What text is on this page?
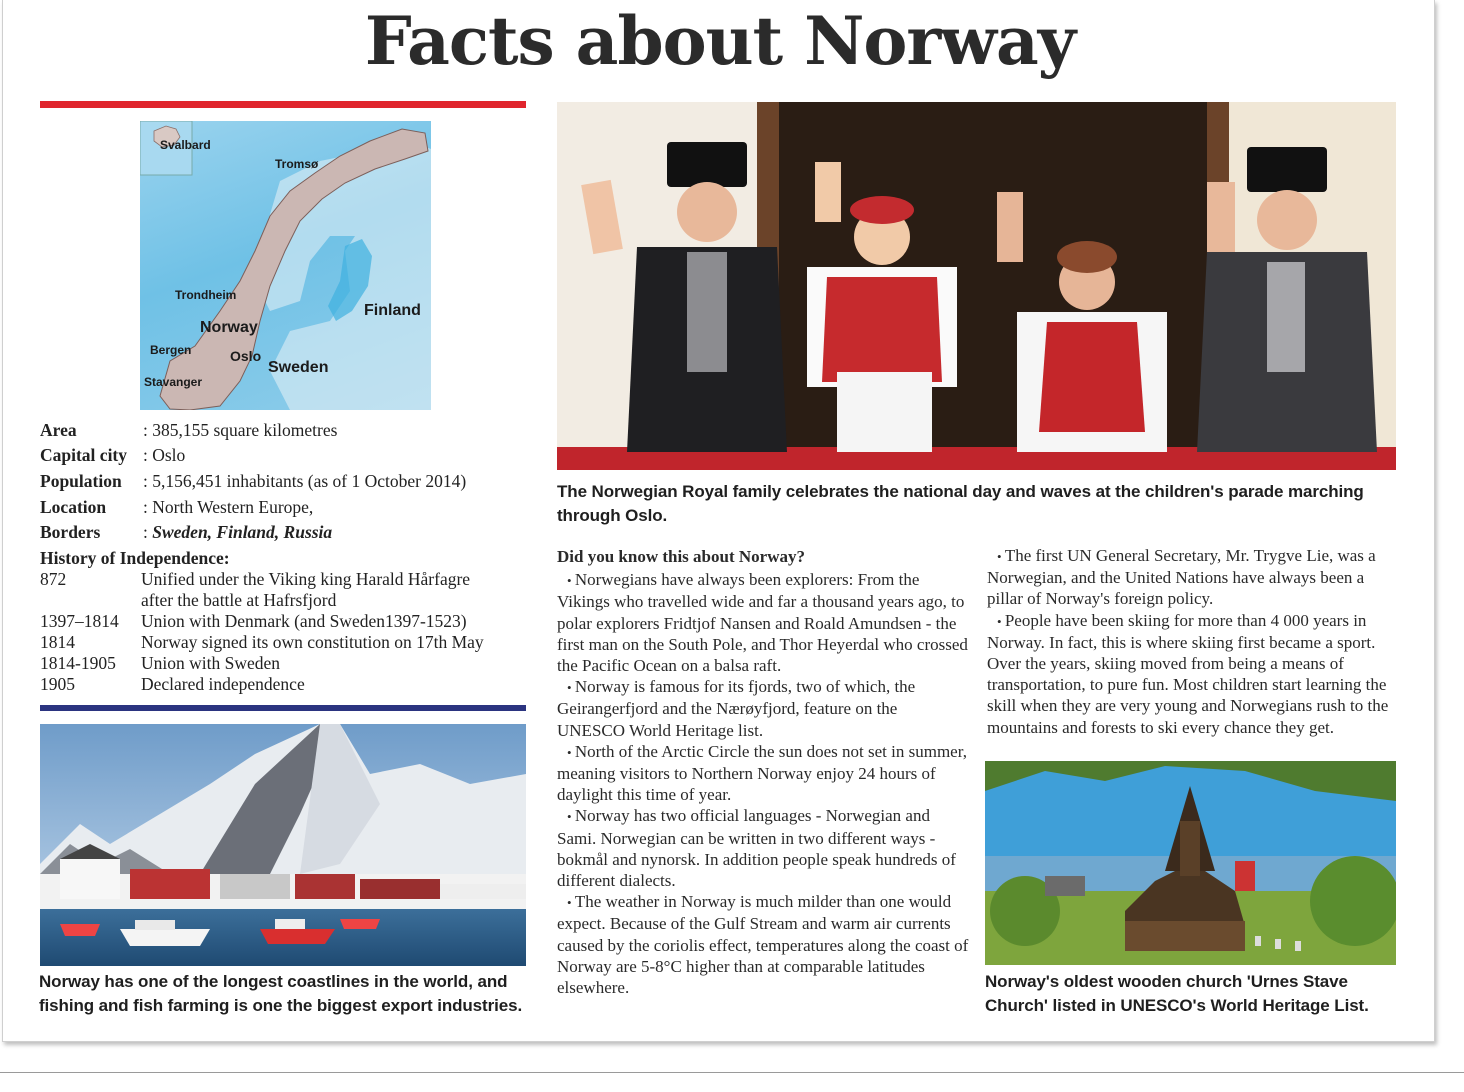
Facts about Norway
Svalbard
Tromsø
Finland
Trondheim
Norway
Bergen	Oslo
Sweden
Stavanger
Area	: 385,155 square kilometres
Capital city : Oslo
Population : 5,156,451 inhabitants (as of 1 October 2014)
Location : North Western Europe,
Borders : Sweden, Finland, Russia
History of Independence:
872	Unified under the Viking king Harald Hårfagre
after the battle at Hafrsfjord
1397–1814 Union with Denmark (and Sweden1397-1523)
1814	Norway signed its own constitution on 17th May
1814-1905 Union with Sweden
1905	Declared independence
Norway has one of the longest coastlines in the world, and fishing and fish farming is one the biggest export industries.
The Norwegian Royal family celebrates the national day and waves at the children's parade marching through Oslo.

Did you know this about Norway?

• Norwegians have always been explorers: From the Vikings who travelled wide and far a thousand years ago, to polar explorers Fridtjof Nansen and Roald Amundsen - the first man on the South Pole, and Thor Heyerdal who crossed the Pacific Ocean on a balsa raft.

• Norway is famous for its fjords, two of which, the Geirangerfjord and the Nærøyfjord, feature on the UNESCO World Heritage list.

• North of the Arctic Circle the sun does not set in summer, meaning visitors to Northern Norway enjoy 24 hours of daylight this time of year.

• Norway has two official languages - Norwegian and Sami. Norwegian can be written in two different ways - bokmål and nynorsk. In addition people speak hundreds of different dialects.

• The weather in Norway is much milder than one would expect. Because of the Gulf Stream and warm air currents caused by the coriolis effect, temperatures along the coast of Norway are 5-8°C higher than at comparable latitudes elsewhere.

• The first UN General Secretary, Mr. Trygve Lie, was a Norwegian, and the United Nations have always been a pillar of Norway's foreign policy.

• People have been skiing for more than 4 000 years in Norway. In fact, this is where skiing first became a sport. Over the years, skiing moved from being a means of transportation, to pure fun. Most children start learning the skill when they are very young and Norwegians rush to the mountains and forests to ski every chance they get.

Norway's oldest wooden church 'Urnes Stave Church' listed in UNESCO's World Heritage List.
